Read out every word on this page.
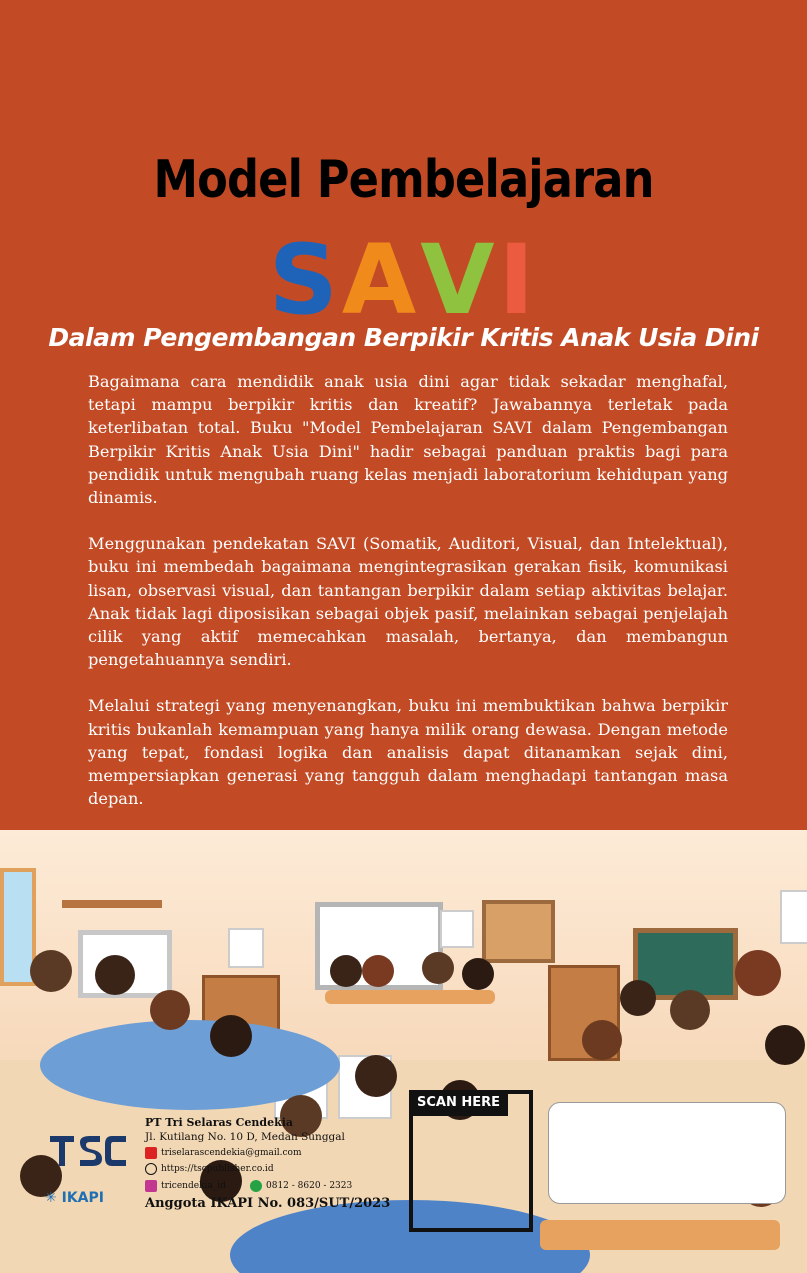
Model Pembelajaran
SAVI
Dalam Pengembangan Berpikir Kritis Anak Usia Dini

Bagaimana cara mendidik anak usia dini agar tidak sekadar menghafal, tetapi mampu berpikir kritis dan kreatif? Jawabannya terletak pada keterlibatan total. Buku "Model Pembelajaran SAVI dalam Pengembangan Berpikir Kritis Anak Usia Dini" hadir sebagai panduan praktis bagi para pendidik untuk mengubah ruang kelas menjadi laboratorium kehidupan yang dinamis.

Menggunakan pendekatan SAVI (Somatik, Auditori, Visual, dan Intelektual), buku ini membedah bagaimana mengintegrasikan gerakan fisik, komunikasi lisan, observasi visual, dan tantangan berpikir dalam setiap aktivitas belajar. Anak tidak lagi diposisikan sebagai objek pasif, melainkan sebagai penjelajah cilik yang aktif memecahkan masalah, bertanya, dan membangun pengetahuannya sendiri.

Melalui strategi yang menyenangkan, buku ini membuktikan bahwa berpikir kritis bukanlah kemampuan yang hanya milik orang dewasa. Dengan metode yang tepat, fondasi logika dan analisis dapat ditanamkan sejak dini, mempersiapkan generasi yang tangguh dalam menghadapi tantangan masa depan.

✳ IKAPI
PT Tri Selaras Cendekia
Jl. Kutilang No. 10 D, Medan Sunggal
triselarascendekia@gmail.com
https://tscpublisher.co.id
tricendekia_id	0812 - 8620 - 2323
Anggota IKAPI No. 083/SUT/2023
SCAN HERE
